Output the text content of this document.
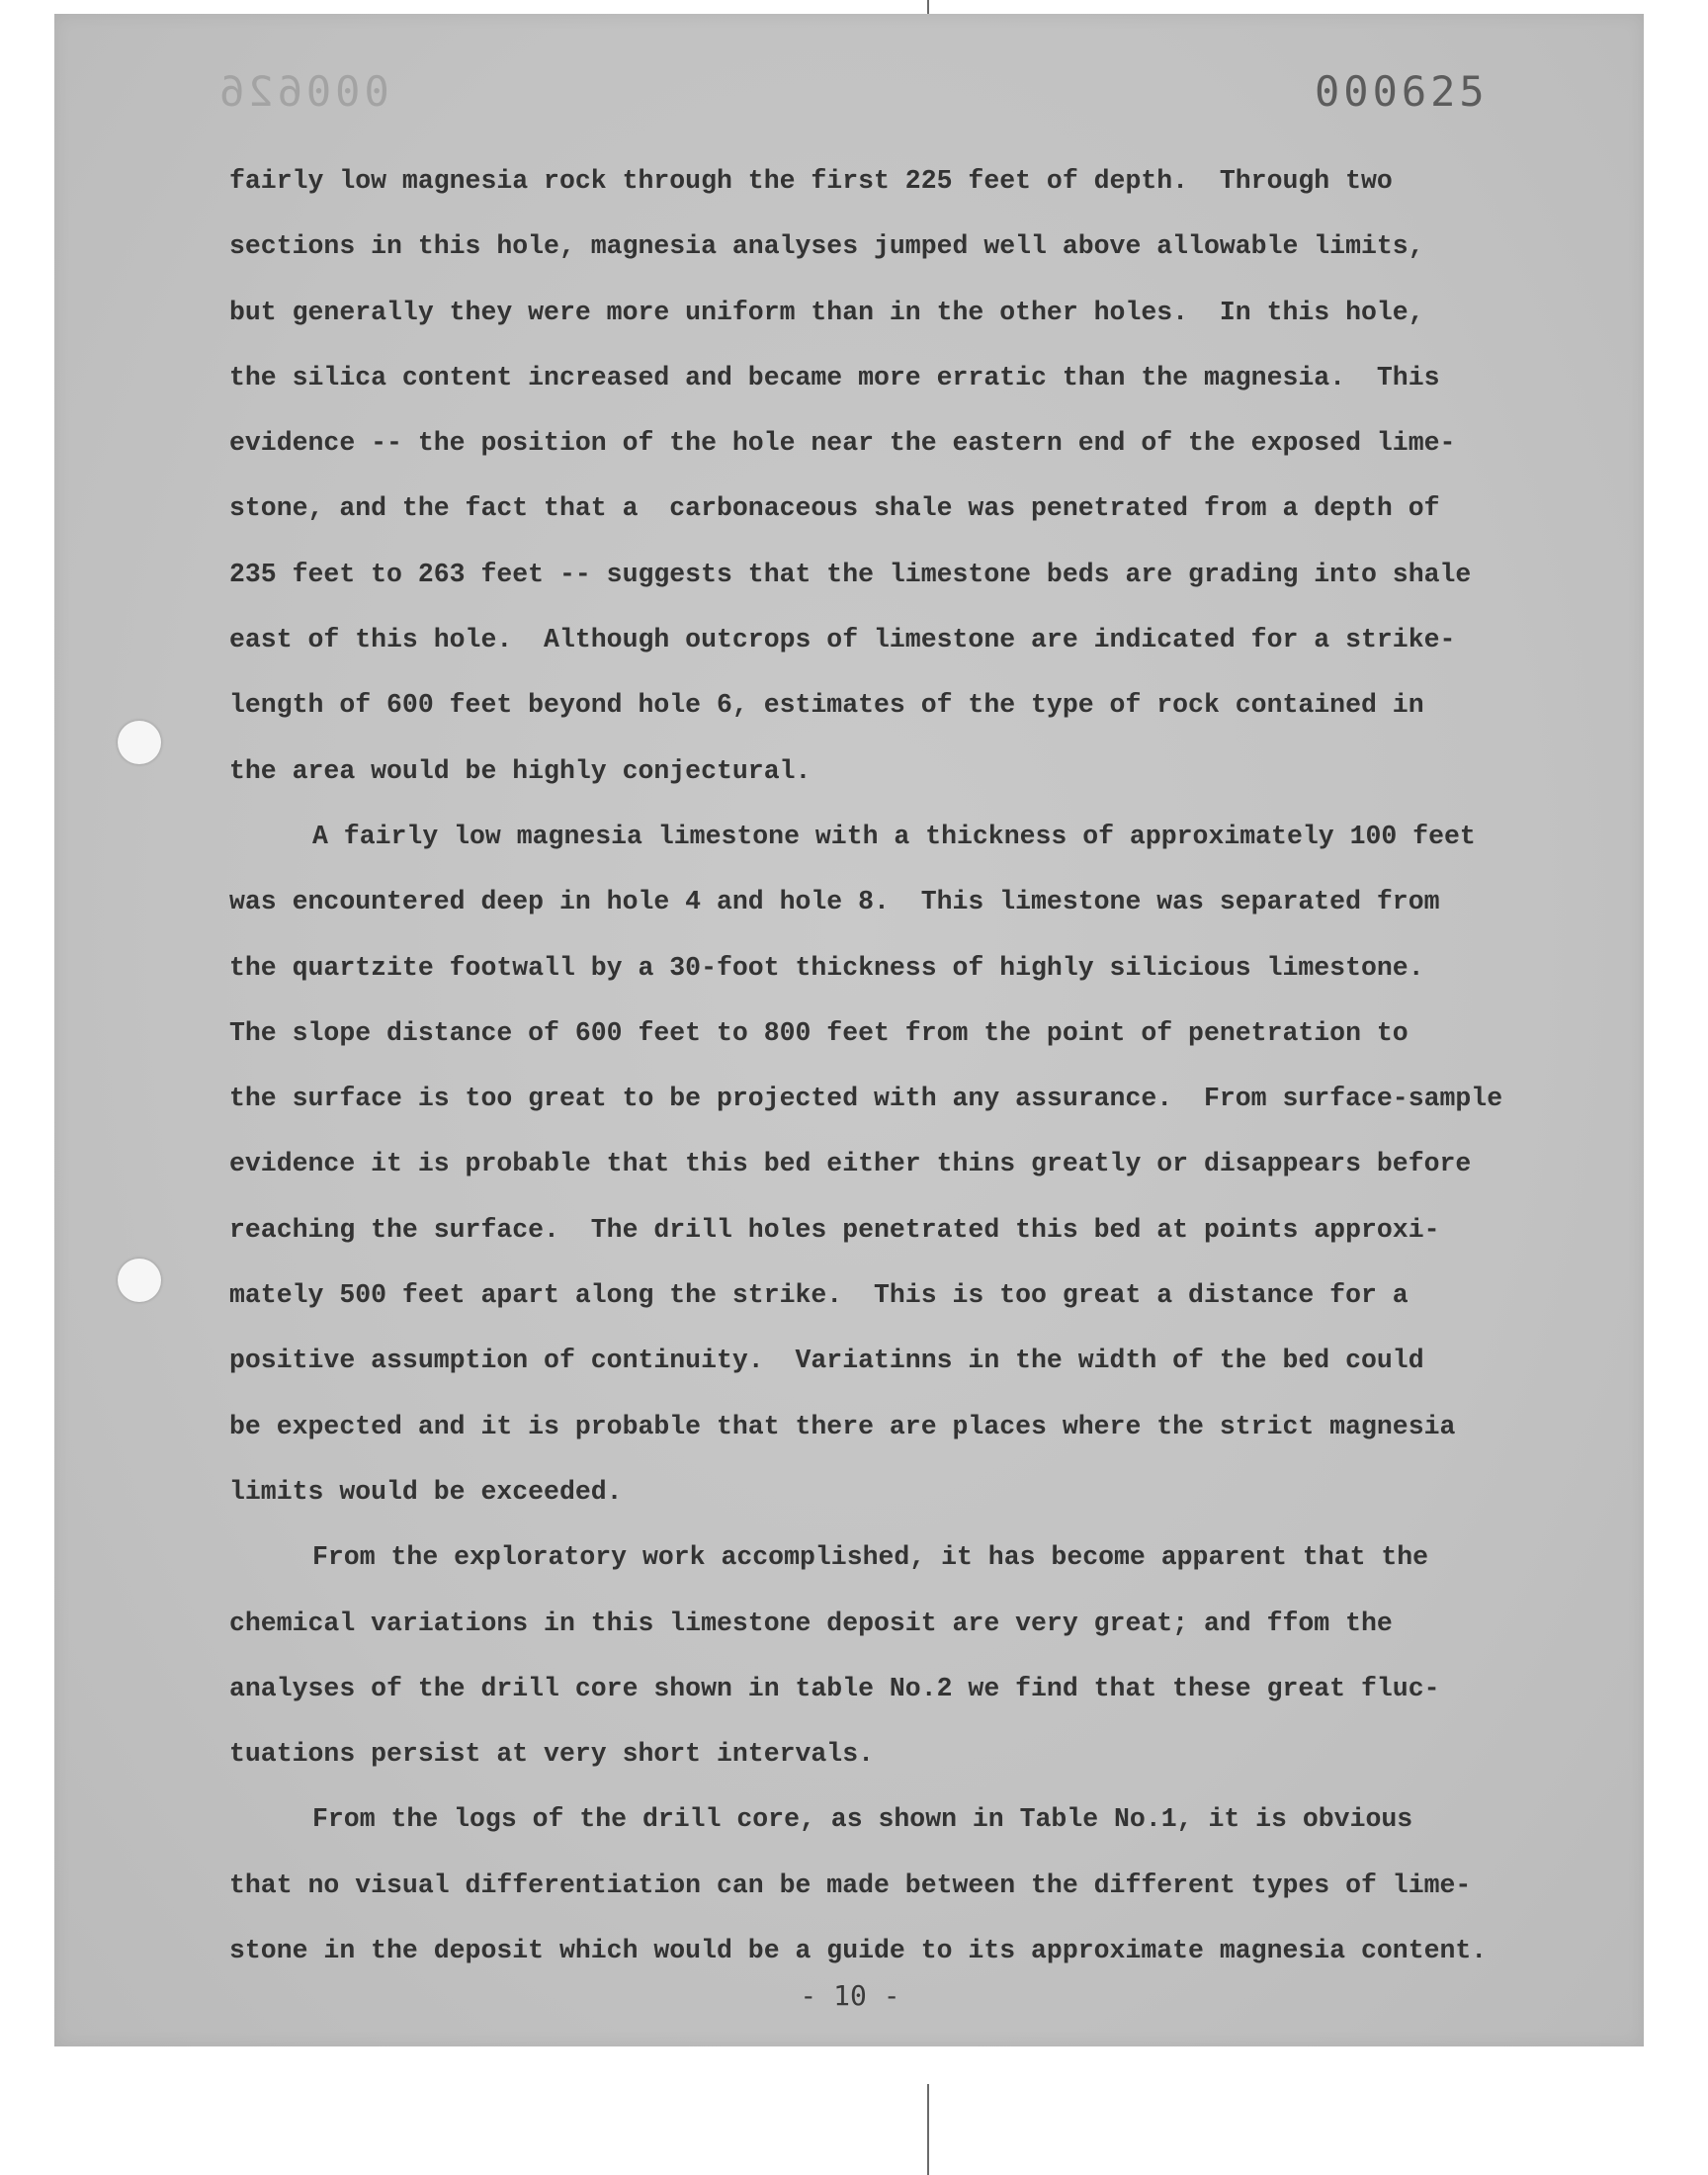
000626	000625
fairly low magnesia rock through the first 225 feet of depth.  Through two
sections in this hole, magnesia analyses jumped well above allowable limits,
but generally they were more uniform than in the other holes.  In this hole,
the silica content increased and became more erratic than the magnesia.  This
evidence -- the position of the hole near the eastern end of the exposed lime-
stone, and the fact that a  carbonaceous shale was penetrated from a depth of
235 feet to 263 feet -- suggests that the limestone beds are grading into shale
east of this hole.  Although outcrops of limestone are indicated for a strike-
length of 600 feet beyond hole 6, estimates of the type of rock contained in
the area would be highly conjectural.
A fairly low magnesia limestone with a thickness of approximately 100 feet
was encountered deep in hole 4 and hole 8.  This limestone was separated from
the quartzite footwall by a 30-foot thickness of highly silicious limestone.
The slope distance of 600 feet to 800 feet from the point of penetration to
the surface is too great to be projected with any assurance.  From surface-sample
evidence it is probable that this bed either thins greatly or disappears before
reaching the surface.  The drill holes penetrated this bed at points approxi-
mately 500 feet apart along the strike.  This is too great a distance for a
positive assumption of continuity.  Variatinns in the width of the bed could
be expected and it is probable that there are places where the strict magnesia
limits would be exceeded.
From the exploratory work accomplished, it has become apparent that the
chemical variations in this limestone deposit are very great; and ffom the
analyses of the drill core shown in table No.2 we find that these great fluc-
tuations persist at very short intervals.
From the logs of the drill core, as shown in Table No.1, it is obvious
that no visual differentiation can be made between the different types of lime-
stone in the deposit which would be a guide to its approximate magnesia content.
- 10 -
